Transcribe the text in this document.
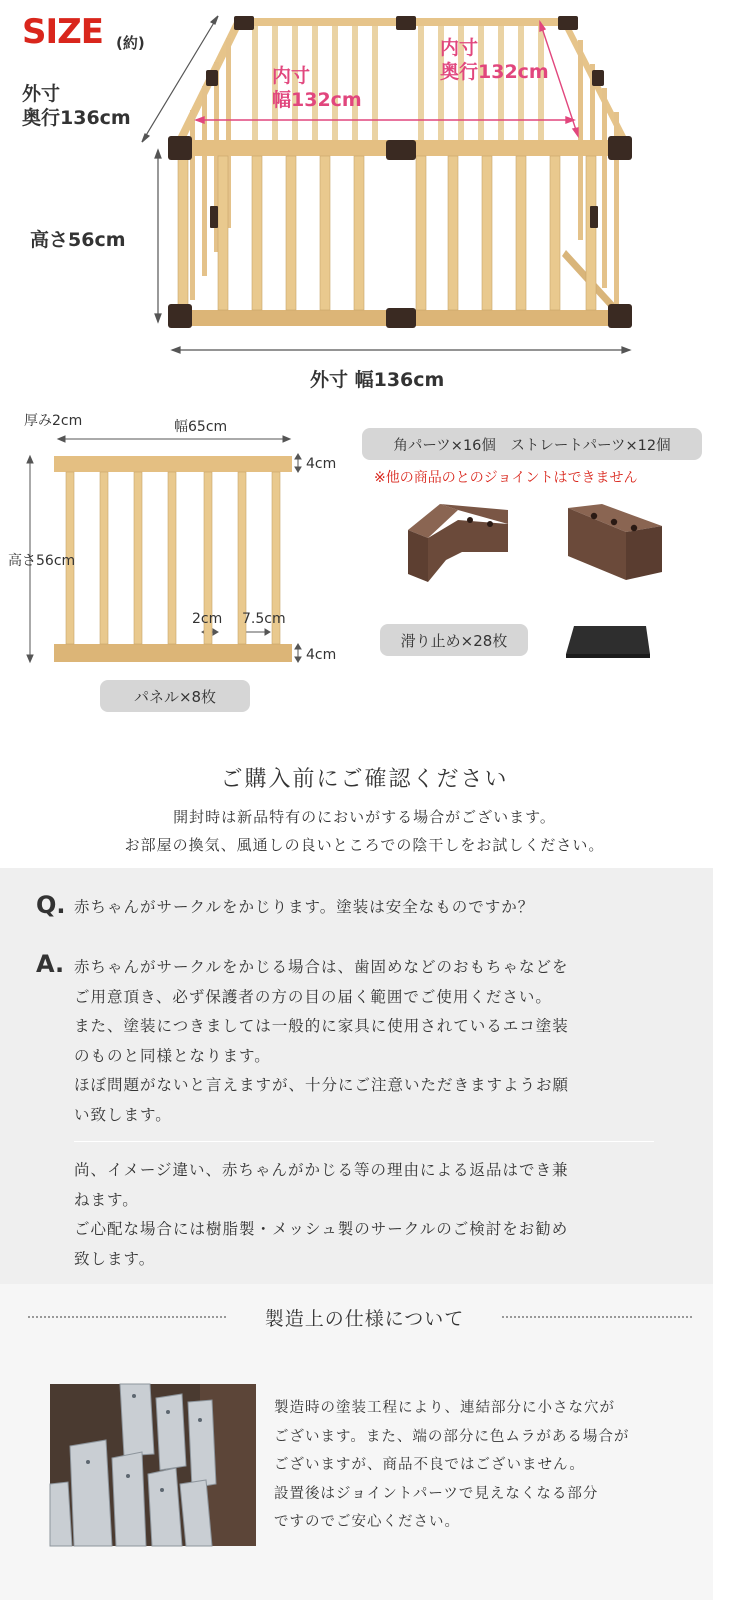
SIZE (約)
外寸
奥行136cm
高さ56cm
内寸
幅132cm
内寸
奥行132cm
外寸 幅136cm
厚み2cm	幅65cm
高さ56cm
4cm
4cm
2cm 7.5cm
パネル×8枚
角パーツ×16個　ストレートパーツ×12個
※他の商品のとのジョイントはできません
滑り止め×28枚
ご購入前にご確認ください
開封時は新品特有のにおいがする場合がございます。
お部屋の換気、風通しの良いところでの陰干しをお試しください。
Q. 赤ちゃんがサークルをかじります。塗装は安全なものですか？
A. 赤ちゃんがサークルをかじる場合は、歯固めなどのおもちゃなどを
ご用意頂き、必ず保護者の方の目の届く範囲でご使用ください。
また、塗装につきましては一般的に家具に使用されているエコ塗装
のものと同様となります。
ほぼ問題がないと言えますが、十分にご注意いただきますようお願
い致します。
尚、イメージ違い、赤ちゃんがかじる等の理由による返品はでき兼
ねます。
ご心配な場合には樹脂製・メッシュ製のサークルのご検討をお勧め
致します。
製造上の仕様について
製造時の塗装工程により、連結部分に小さな穴が
ございます。また、端の部分に色ムラがある場合が
ございますが、商品不良ではございません。
設置後はジョイントパーツで見えなくなる部分
ですのでご安心ください。
